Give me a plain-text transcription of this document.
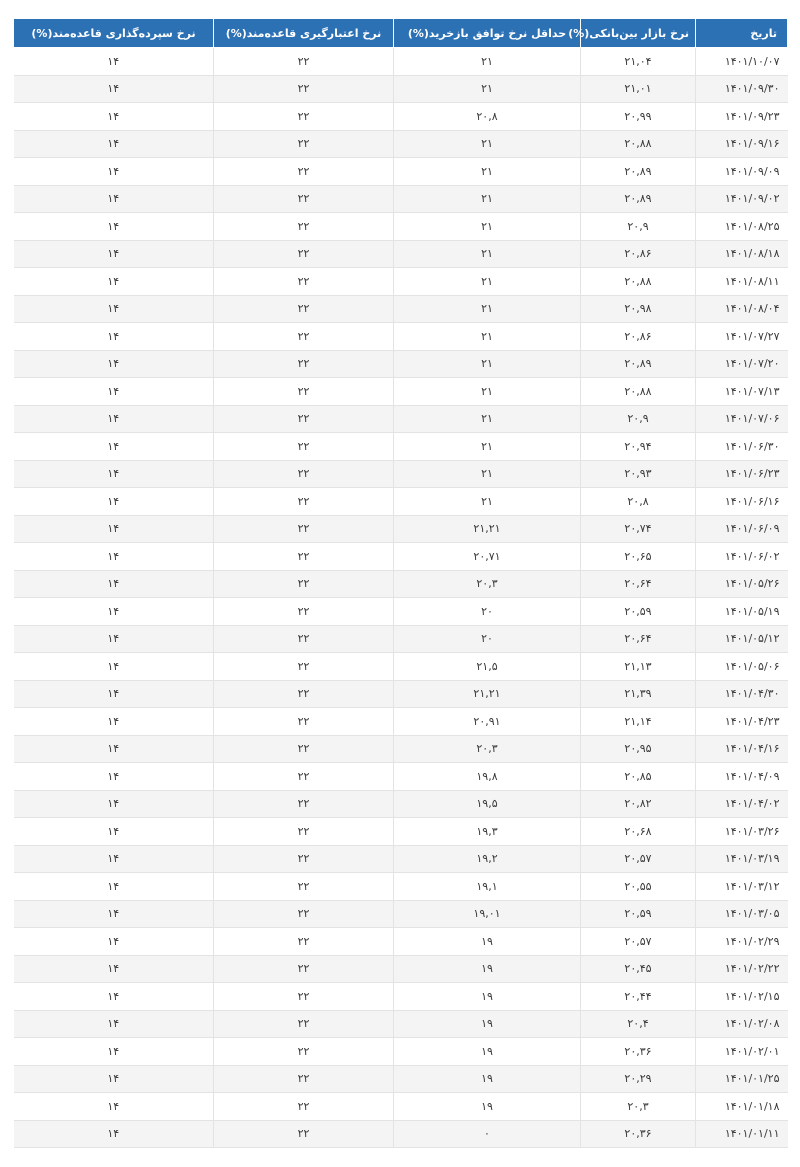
تاریخ	نرخ بازار بین‌بانکی(%)	حداقل نرخ توافق بازخرید(%)	نرخ اعتبارگیری قاعده‌مند(%)	نرخ سپرده‌گذاری قاعده‌مند(%)
۱۴۰۱/۱۰/۰۷	۲۱,۰۴	۲۱	۲۲	۱۴
۱۴۰۱/۰۹/۳۰	۲۱,۰۱	۲۱	۲۲	۱۴
۱۴۰۱/۰۹/۲۳	۲۰,۹۹	۲۰,۸	۲۲	۱۴
۱۴۰۱/۰۹/۱۶	۲۰,۸۸	۲۱	۲۲	۱۴
۱۴۰۱/۰۹/۰۹	۲۰,۸۹	۲۱	۲۲	۱۴
۱۴۰۱/۰۹/۰۲	۲۰,۸۹	۲۱	۲۲	۱۴
۱۴۰۱/۰۸/۲۵	۲۰,۹	۲۱	۲۲	۱۴
۱۴۰۱/۰۸/۱۸	۲۰,۸۶	۲۱	۲۲	۱۴
۱۴۰۱/۰۸/۱۱	۲۰,۸۸	۲۱	۲۲	۱۴
۱۴۰۱/۰۸/۰۴	۲۰,۹۸	۲۱	۲۲	۱۴
۱۴۰۱/۰۷/۲۷	۲۰,۸۶	۲۱	۲۲	۱۴
۱۴۰۱/۰۷/۲۰	۲۰,۸۹	۲۱	۲۲	۱۴
۱۴۰۱/۰۷/۱۳	۲۰,۸۸	۲۱	۲۲	۱۴
۱۴۰۱/۰۷/۰۶	۲۰,۹	۲۱	۲۲	۱۴
۱۴۰۱/۰۶/۳۰	۲۰,۹۴	۲۱	۲۲	۱۴
۱۴۰۱/۰۶/۲۳	۲۰,۹۳	۲۱	۲۲	۱۴
۱۴۰۱/۰۶/۱۶	۲۰,۸	۲۱	۲۲	۱۴
۱۴۰۱/۰۶/۰۹	۲۰,۷۴	۲۱,۲۱	۲۲	۱۴
۱۴۰۱/۰۶/۰۲	۲۰,۶۵	۲۰,۷۱	۲۲	۱۴
۱۴۰۱/۰۵/۲۶	۲۰,۶۴	۲۰,۳	۲۲	۱۴
۱۴۰۱/۰۵/۱۹	۲۰,۵۹	۲۰	۲۲	۱۴
۱۴۰۱/۰۵/۱۲	۲۰,۶۴	۲۰	۲۲	۱۴
۱۴۰۱/۰۵/۰۶	۲۱,۱۳	۲۱,۵	۲۲	۱۴
۱۴۰۱/۰۴/۳۰	۲۱,۳۹	۲۱,۲۱	۲۲	۱۴
۱۴۰۱/۰۴/۲۳	۲۱,۱۴	۲۰,۹۱	۲۲	۱۴
۱۴۰۱/۰۴/۱۶	۲۰,۹۵	۲۰,۳	۲۲	۱۴
۱۴۰۱/۰۴/۰۹	۲۰,۸۵	۱۹,۸	۲۲	۱۴
۱۴۰۱/۰۴/۰۲	۲۰,۸۲	۱۹,۵	۲۲	۱۴
۱۴۰۱/۰۳/۲۶	۲۰,۶۸	۱۹,۳	۲۲	۱۴
۱۴۰۱/۰۳/۱۹	۲۰,۵۷	۱۹,۲	۲۲	۱۴
۱۴۰۱/۰۳/۱۲	۲۰,۵۵	۱۹,۱	۲۲	۱۴
۱۴۰۱/۰۳/۰۵	۲۰,۵۹	۱۹,۰۱	۲۲	۱۴
۱۴۰۱/۰۲/۲۹	۲۰,۵۷	۱۹	۲۲	۱۴
۱۴۰۱/۰۲/۲۲	۲۰,۴۵	۱۹	۲۲	۱۴
۱۴۰۱/۰۲/۱۵	۲۰,۴۴	۱۹	۲۲	۱۴
۱۴۰۱/۰۲/۰۸	۲۰,۴	۱۹	۲۲	۱۴
۱۴۰۱/۰۲/۰۱	۲۰,۳۶	۱۹	۲۲	۱۴
۱۴۰۱/۰۱/۲۵	۲۰,۲۹	۱۹	۲۲	۱۴
۱۴۰۱/۰۱/۱۸	۲۰,۳	۱۹	۲۲	۱۴
۱۴۰۱/۰۱/۱۱	۲۰,۳۶	۰	۲۲	۱۴
